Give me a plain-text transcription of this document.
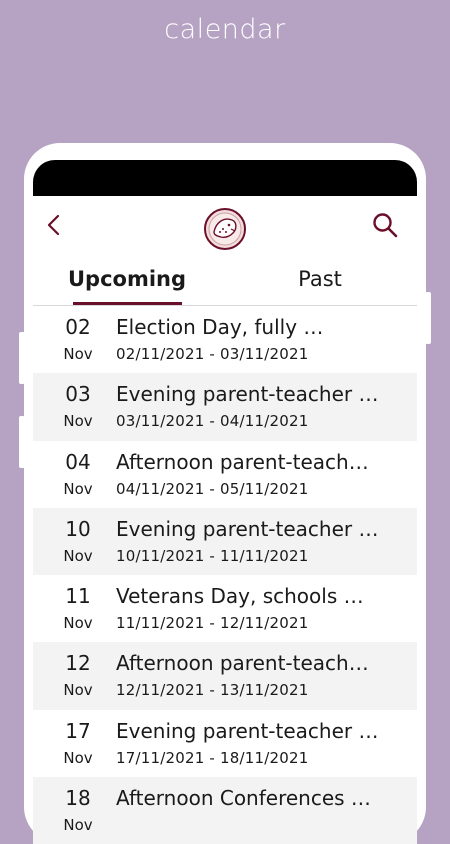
calendar
Upcoming	Past
02
Nov
Election Day, fully …
02/11/2021 - 03/11/2021
03
Nov
Evening parent-teacher …
03/11/2021 - 04/11/2021
04
Nov
Afternoon parent-teach…
04/11/2021 - 05/11/2021
10
Nov
Evening parent-teacher …
10/11/2021 - 11/11/2021
11
Nov
Veterans Day, schools …
11/11/2021 - 12/11/2021
12
Nov
Afternoon parent-teach…
12/11/2021 - 13/11/2021
17
Nov
Evening parent-teacher …
17/11/2021 - 18/11/2021
18
Nov
Afternoon Conferences …
